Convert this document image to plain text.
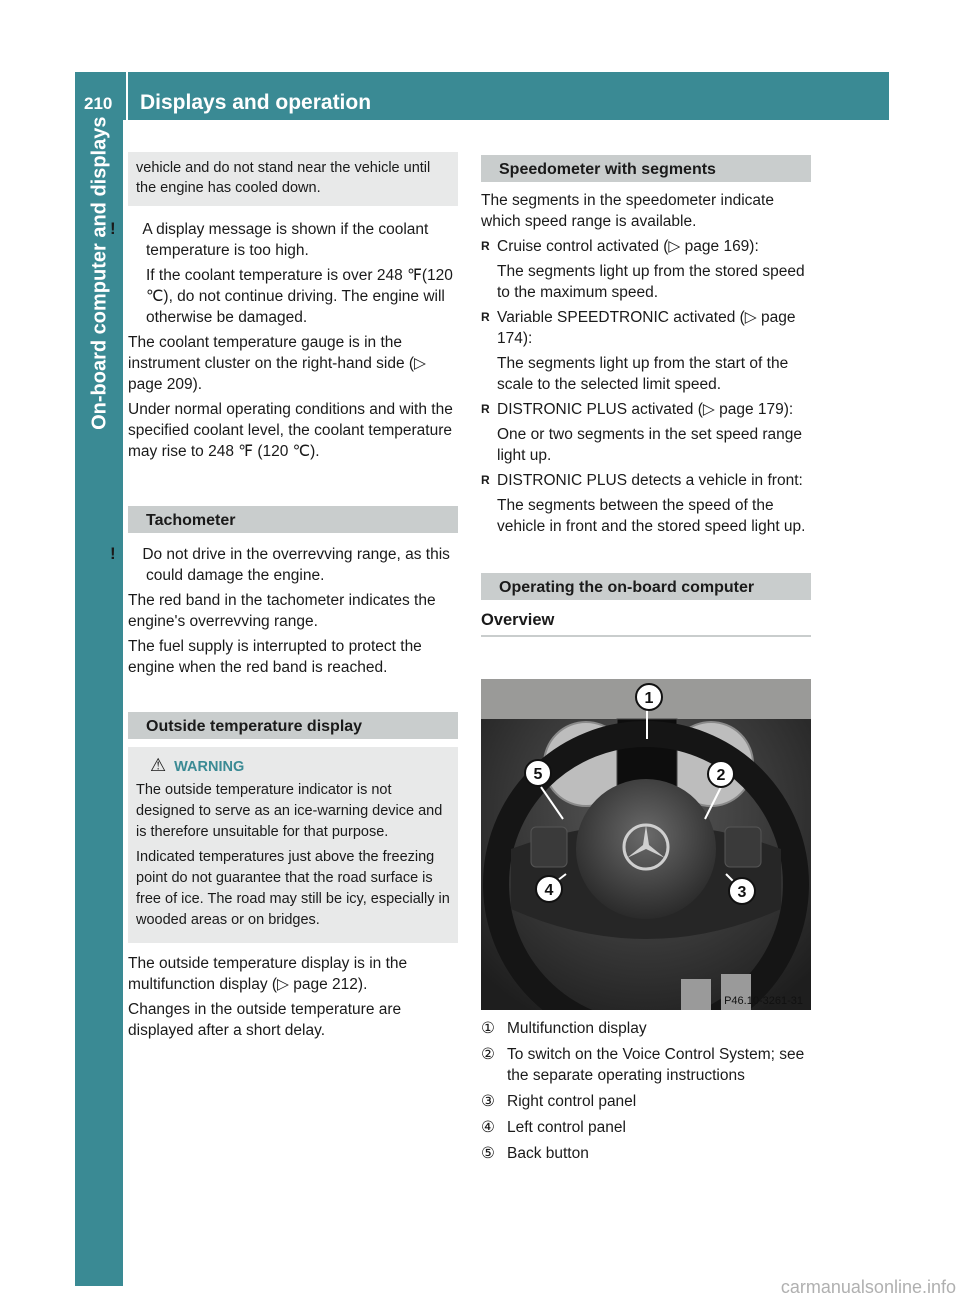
210 Displays and operation
On-board computer and displays	vehicle and do not stand near the vehicle until the engine has cooled down.

! A display message is shown if the coolant temperature is too high.

If the coolant temperature is over 248 ℉(120 ℃), do not continue driving. The engine will otherwise be damaged.

The coolant temperature gauge is in the instrument cluster on the right-hand side (▷ page 209).

Under normal operating conditions and with the specified coolant level, the coolant temperature may rise to 248 ℉ (120 ℃).

Tachometer

! Do not drive in the overrevving range, as this could damage the engine.

The red band in the tachometer indicates the engine's overrevving range.

The fuel supply is interrupted to protect the engine when the red band is reached.

Outside temperature display
⚠ WARNING

The outside temperature indicator is not designed to serve as an ice-warning device and is therefore unsuitable for that purpose.

Indicated temperatures just above the freezing point do not guarantee that the road surface is free of ice. The road may still be icy, especially in wooded areas or on bridges.

The outside temperature display is in the multifunction display (▷ page 212).

Changes in the outside temperature are displayed after a short delay.

Speedometer with segments

The segments in the speedometer indicate which speed range is available.

R Cruise control activated (▷ page 169):

The segments light up from the stored speed to the maximum speed.

R Variable SPEEDTRONIC activated (▷ page 174):

The segments light up from the start of the scale to the selected limit speed.

R DISTRONIC PLUS activated (▷ page 179):

One or two segments in the set speed range light up.

R DISTRONIC PLUS detects a vehicle in front:

The segments between the speed of the vehicle in front and the stored speed light up.

Operating the on-board computer
Overview
1
2
3
4
5
P46.10-3261-31
① Multifunction display
② To switch on the Voice Control System; see the separate operating instructions
③ Right control panel
④ Left control panel
⑤ Back button
carmanualsonline.info
